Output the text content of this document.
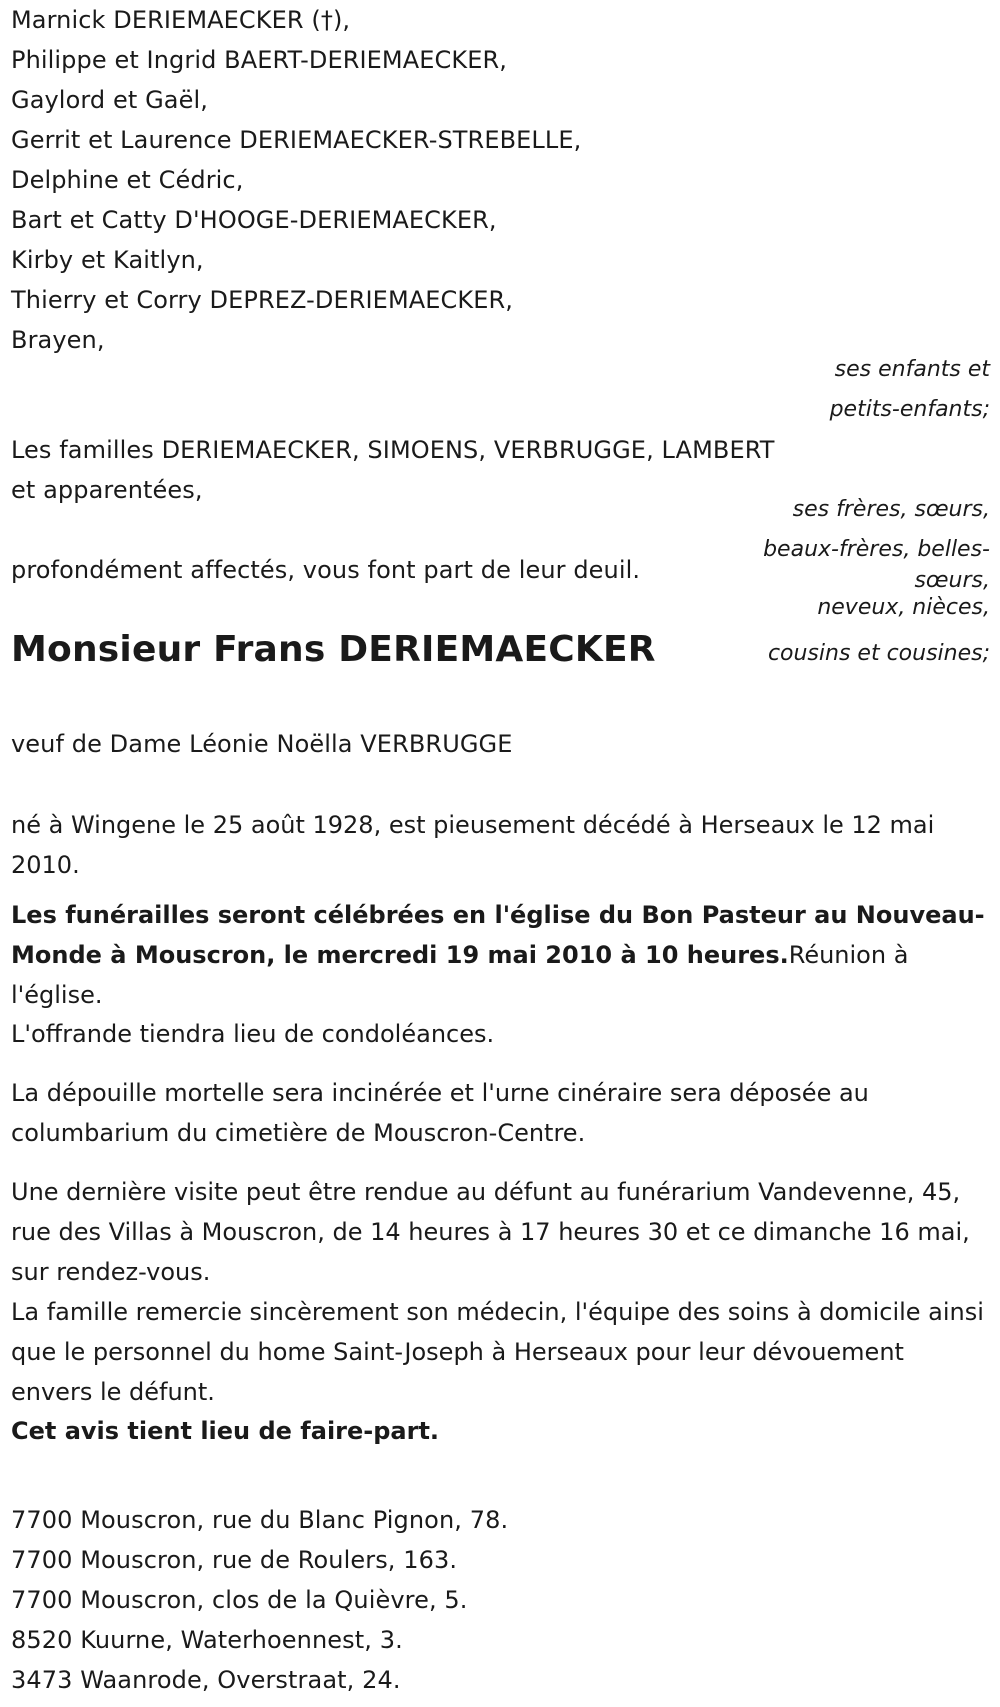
Marnick DERIEMAECKER (†),
Philippe et Ingrid BAERT-DERIEMAECKER,
Gaylord et Gaël,
Gerrit et Laurence DERIEMAECKER-STREBELLE,
Delphine et Cédric,
Bart et Catty D'HOOGE-DERIEMAECKER,
Kirby et Kaitlyn,
Thierry et Corry DEPREZ-DERIEMAECKER,
Brayen,
ses enfants et
petits-enfants;
Les familles DERIEMAECKER, SIMOENS, VERBRUGGE, LAMBERT
et apparentées,
ses frères, sœurs,
beaux-frères, belles-
profondément affectés, vous font part de leur deuil.	sœurs,
neveux, nièces,
cousins et cousines;
Monsieur Frans DERIEMAECKER
veuf de Dame Léonie Noëlla VERBRUGGE
né à Wingene le 25 août 1928, est pieusement décédé à Herseaux le 12 mai 2010.
Les funérailles seront célébrées en l'église du Bon Pasteur au Nouveau-Monde à Mouscron, le mercredi 19 mai 2010 à 10 heures.Réunion à l'église.
L'offrande tiendra lieu de condoléances.
La dépouille mortelle sera incinérée et l'urne cinéraire sera déposée au columbarium du cimetière de Mouscron-Centre.
Une dernière visite peut être rendue au défunt au funérarium Vandevenne, 45, rue des Villas à Mouscron, de 14 heures à 17 heures 30 et ce dimanche 16 mai, sur rendez-vous.
La famille remercie sincèrement son médecin, l'équipe des soins à domicile ainsi que le personnel du home Saint-Joseph à Herseaux pour leur dévouement envers le défunt.
Cet avis tient lieu de faire-part.
7700 Mouscron, rue du Blanc Pignon, 78.
7700 Mouscron, rue de Roulers, 163.
7700 Mouscron, clos de la Quièvre, 5.
8520 Kuurne, Waterhoennest, 3.
3473 Waanrode, Overstraat, 24.
